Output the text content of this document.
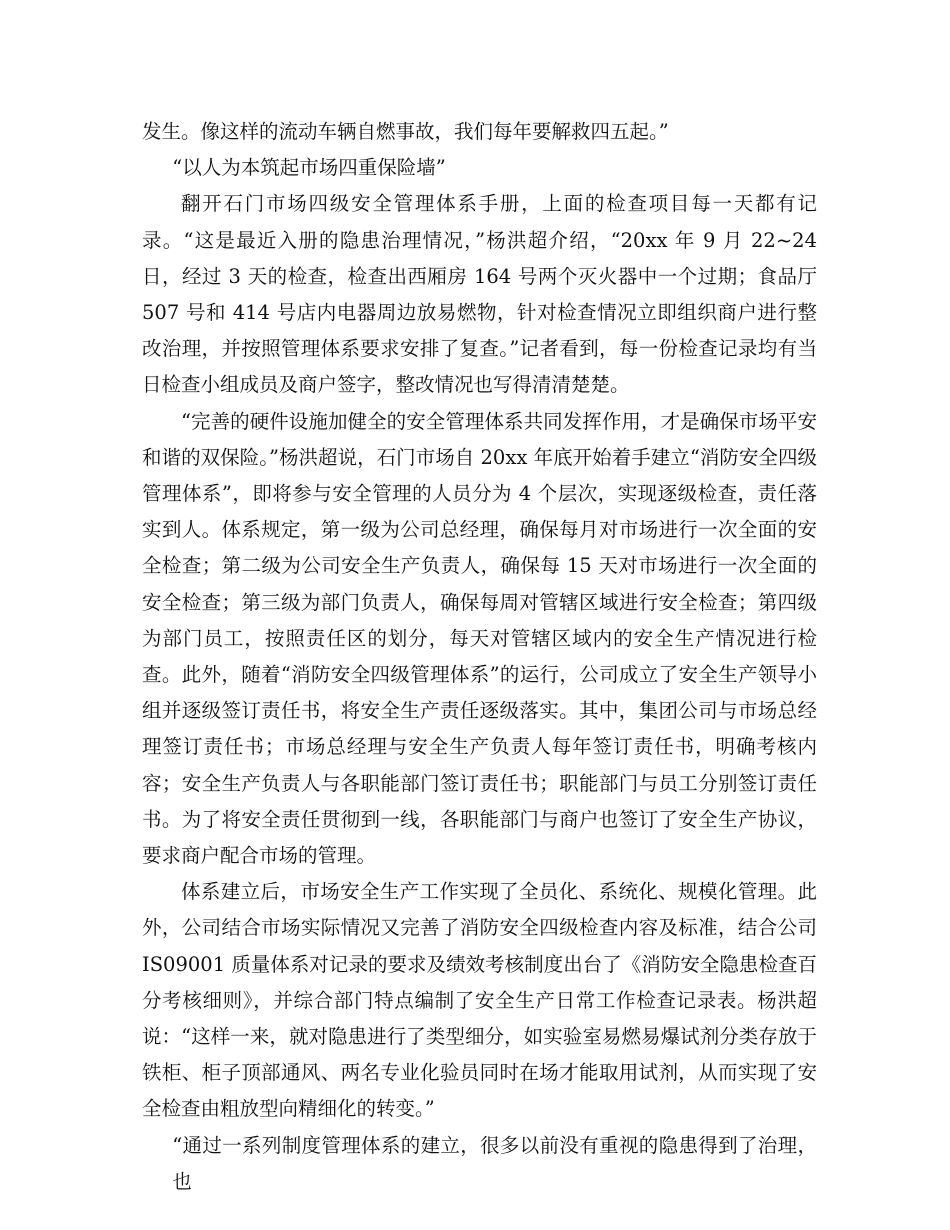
发生。像这样的流动车辆自燃事故，我们每年要解救四五起。”

“以人为本筑起市场四重保险墙”

翻开石门市场四级安全管理体系手册，上面的检查项目每一天都有记录。“这是最近入册的隐患治理情况，”杨洪超介绍，“20xx 年 9 月 22~24 日，经过 3 天的检查，检查出西厢房 164 号两个灭火器中一个过期；食品厅 507 号和 414 号店内电器周边放易燃物，针对检查情况立即组织商户进行整改治理，并按照管理体系要求安排了复查。”记者看到，每一份检查记录均有当日检查小组成员及商户签字，整改情况也写得清清楚楚。

“完善的硬件设施加健全的安全管理体系共同发挥作用，才是确保市场平安和谐的双保险。”杨洪超说，石门市场自 20xx 年底开始着手建立“消防安全四级管理体系”，即将参与安全管理的人员分为 4 个层次，实现逐级检查，责任落实到人。体系规定，第一级为公司总经理，确保每月对市场进行一次全面的安全检查；第二级为公司安全生产负责人，确保每 15 天对市场进行一次全面的安全检查；第三级为部门负责人，确保每周对管辖区域进行安全检查；第四级为部门员工，按照责任区的划分，每天对管辖区域内的安全生产情况进行检查。此外，随着“消防安全四级管理体系”的运行，公司成立了安全生产领导小组并逐级签订责任书，将安全生产责任逐级落实。其中，集团公司与市场总经理签订责任书；市场总经理与安全生产负责人每年签订责任书，明确考核内容；安全生产负责人与各职能部门签订责任书；职能部门与员工分别签订责任书。为了将安全责任贯彻到一线，各职能部门与商户也签订了安全生产协议，要求商户配合市场的管理。

体系建立后，市场安全生产工作实现了全员化、系统化、规模化管理。此外，公司结合市场实际情况又完善了消防安全四级检查内容及标准，结合公司 IS09001 质量体系对记录的要求及绩效考核制度出台了《消防安全隐患检查百分考核细则》，并综合部门特点编制了安全生产日常工作检查记录表。杨洪超说：“这样一来，就对隐患进行了类型细分，如实验室易燃易爆试剂分类存放于铁柜、柜子顶部通风、两名专业化验员同时在场才能取用试剂，从而实现了安全检查由粗放型向精细化的转变。”

“通过一系列制度管理体系的建立，很多以前没有重视的隐患得到了治理，也
